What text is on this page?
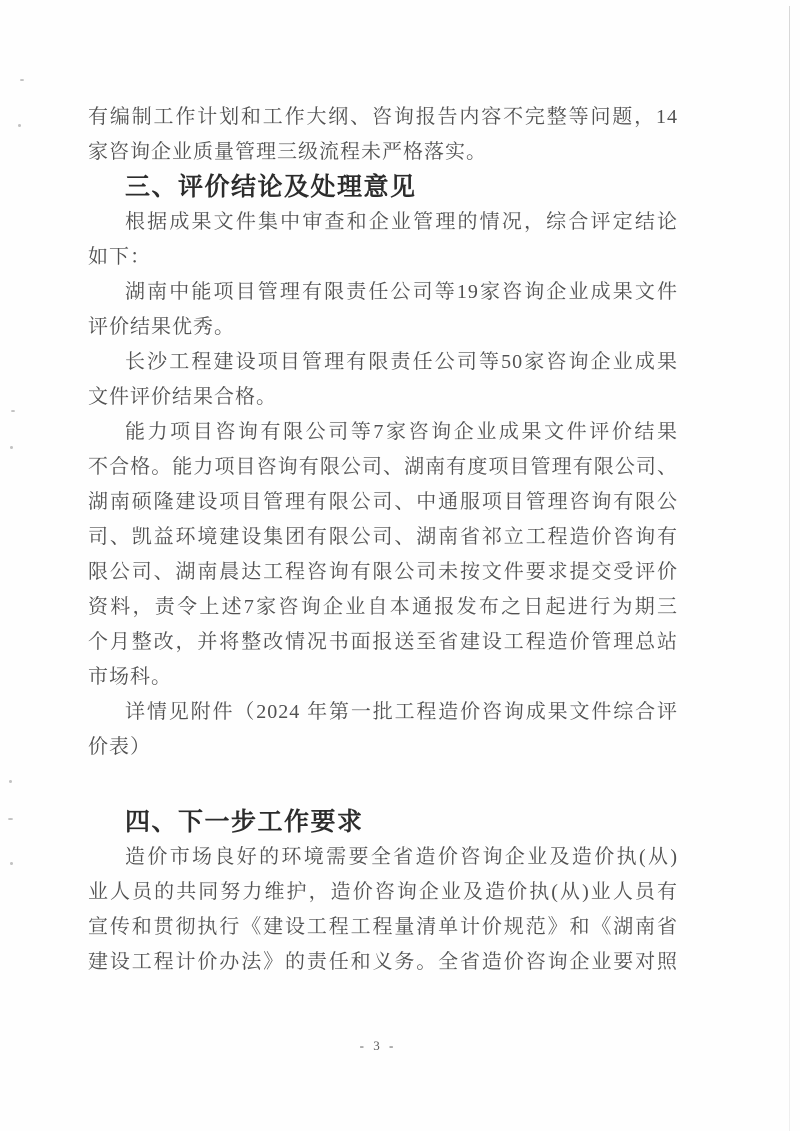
有编制工作计划和工作大纲、咨询报告内容不完整等问题，14
家咨询企业质量管理三级流程未严格落实。
三、评价结论及处理意见
根据成果文件集中审查和企业管理的情况，综合评定结论
如下：
湖南中能项目管理有限责任公司等19家咨询企业成果文件
评价结果优秀。
长沙工程建设项目管理有限责任公司等50家咨询企业成果
文件评价结果合格。
能力项目咨询有限公司等7家咨询企业成果文件评价结果
不合格。能力项目咨询有限公司、湖南有度项目管理有限公司、
湖南硕隆建设项目管理有限公司、中通服项目管理咨询有限公
司、凯益环境建设集团有限公司、湖南省祁立工程造价咨询有
限公司、湖南晨达工程咨询有限公司未按文件要求提交受评价
资料，责令上述7家咨询企业自本通报发布之日起进行为期三
个月整改，并将整改情况书面报送至省建设工程造价管理总站
市场科。
详情见附件（2024 年第一批工程造价咨询成果文件综合评
价表）
四、下一步工作要求
造价市场良好的环境需要全省造价咨询企业及造价执(从)
业人员的共同努力维护，造价咨询企业及造价执(从)业人员有
宣传和贯彻执行《建设工程工程量清单计价规范》和《湖南省
建设工程计价办法》的责任和义务。全省造价咨询企业要对照
- 3 -
